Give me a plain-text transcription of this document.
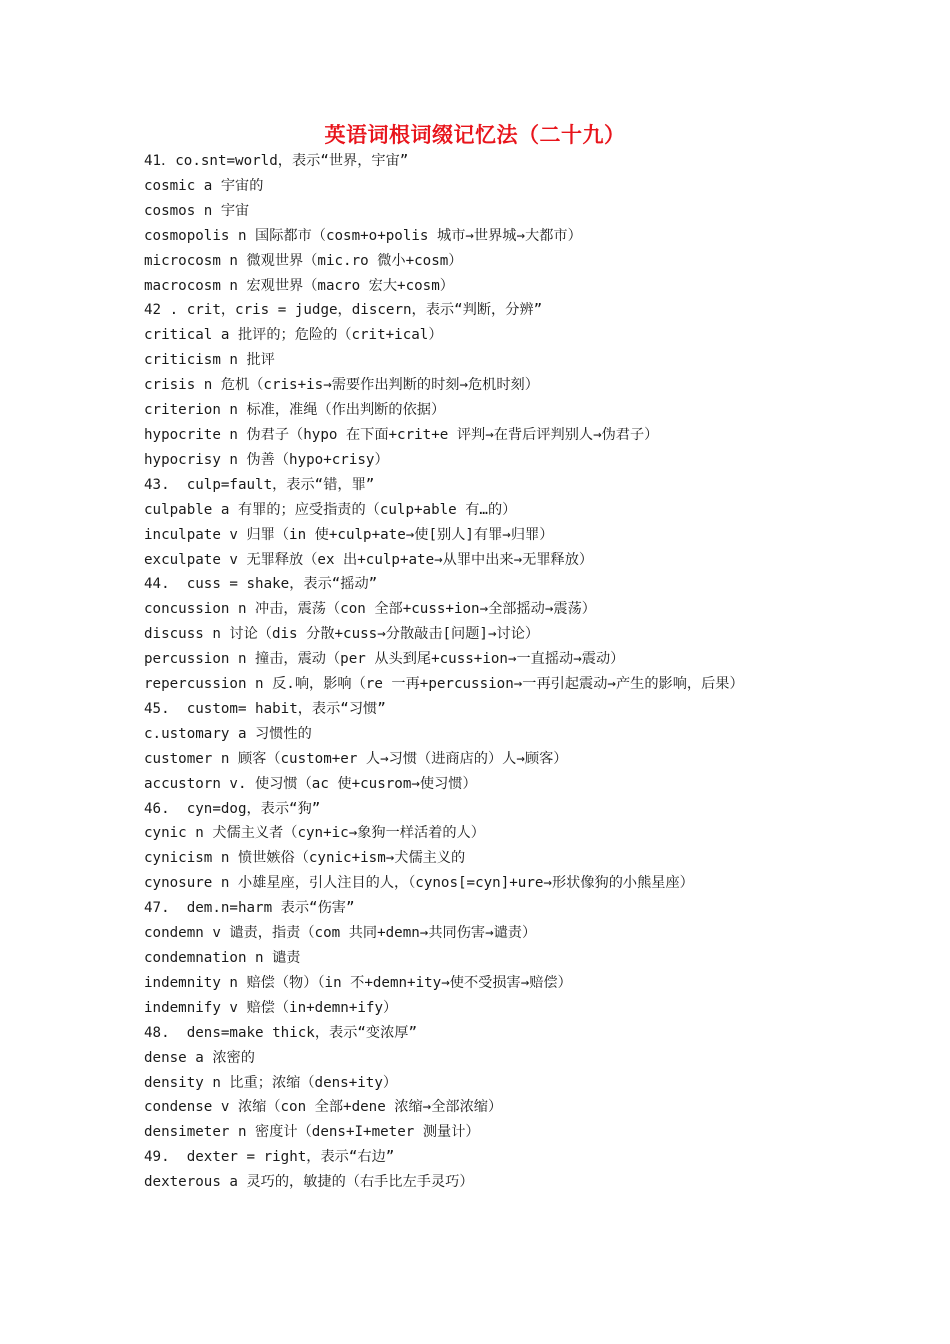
英语词根词缀记忆法（二十九）
41．co.snt=world，表示“世界，宇宙”
cosmic a 宇宙的
cosmos n 宇宙
cosmopolis n 国际都市（cosm+o+polis 城市→世界城→大都市）
microcosm n 微观世界（mic.ro 微小+cosm）
macrocosm n 宏观世界（macro 宏大+cosm）
42 . crit，cris = judge，discern，表示“判断，分辨”
critical a 批评的；危险的（crit+ical）
criticism n 批评
crisis n 危机（cris+is→需要作出判断的时刻→危机时刻）
criterion n 标准，准绳（作出判断的依据）
hypocrite n 伪君子（hypo 在下面+crit+e 评判→在背后评判别人→伪君子）
hypocrisy n 伪善（hypo+crisy）
43.  culp=fault，表示“错，罪”
culpable a 有罪的；应受指责的（culp+able 有…的）
inculpate v 归罪（in 使+culp+ate→使[别人]有罪→归罪）
exculpate v 无罪释放（ex 出+culp+ate→从罪中出来→无罪释放）
44.  cuss = shake，表示“摇动”
concussion n 冲击，震荡（con 全部+cuss+ion→全部摇动→震荡）
discuss n 讨论（dis 分散+cuss→分散敲击[问题]→讨论）
percussion n 撞击，震动（per 从头到尾+cuss+ion→一直摇动→震动）
repercussion n 反.响，影响（re 一再+percussion→一再引起震动→产生的影响，后果）
45.  custom= habit，表示“习惯”
c.ustomary a 习惯性的
customer n 顾客（custom+er 人→习惯（进商店的）人→顾客）
accustorn v. 使习惯（ac 使+cusrom→使习惯）
46.  cyn=dog，表示“狗”
cynic n 犬儒主义者（cyn+ic→象狗一样活着的人）
cynicism n 愤世嫉俗（cynic+ism→犬儒主义的
cynosure n 小雄星座，引人注目的人，（cynos[=cyn]+ure→形状像狗的小熊星座）
47.  dem.n=harm 表示“伤害”
condemn v 谴责，指责（com 共同+demn→共同伤害→谴责）
condemnation n 谴责
indemnity n 赔偿（物）（in 不+demn+ity→使不受损害→赔偿）
indemnify v 赔偿（in+demn+ify）
48.  dens=make thick，表示“变浓厚”
dense a 浓密的
density n 比重；浓缩（dens+ity）
condense v 浓缩（con 全部+dene 浓缩→全部浓缩）
densimeter n 密度计（dens+I+meter 测量计）
49.  dexter = right，表示“右边”
dexterous a 灵巧的，敏捷的（右手比左手灵巧）
